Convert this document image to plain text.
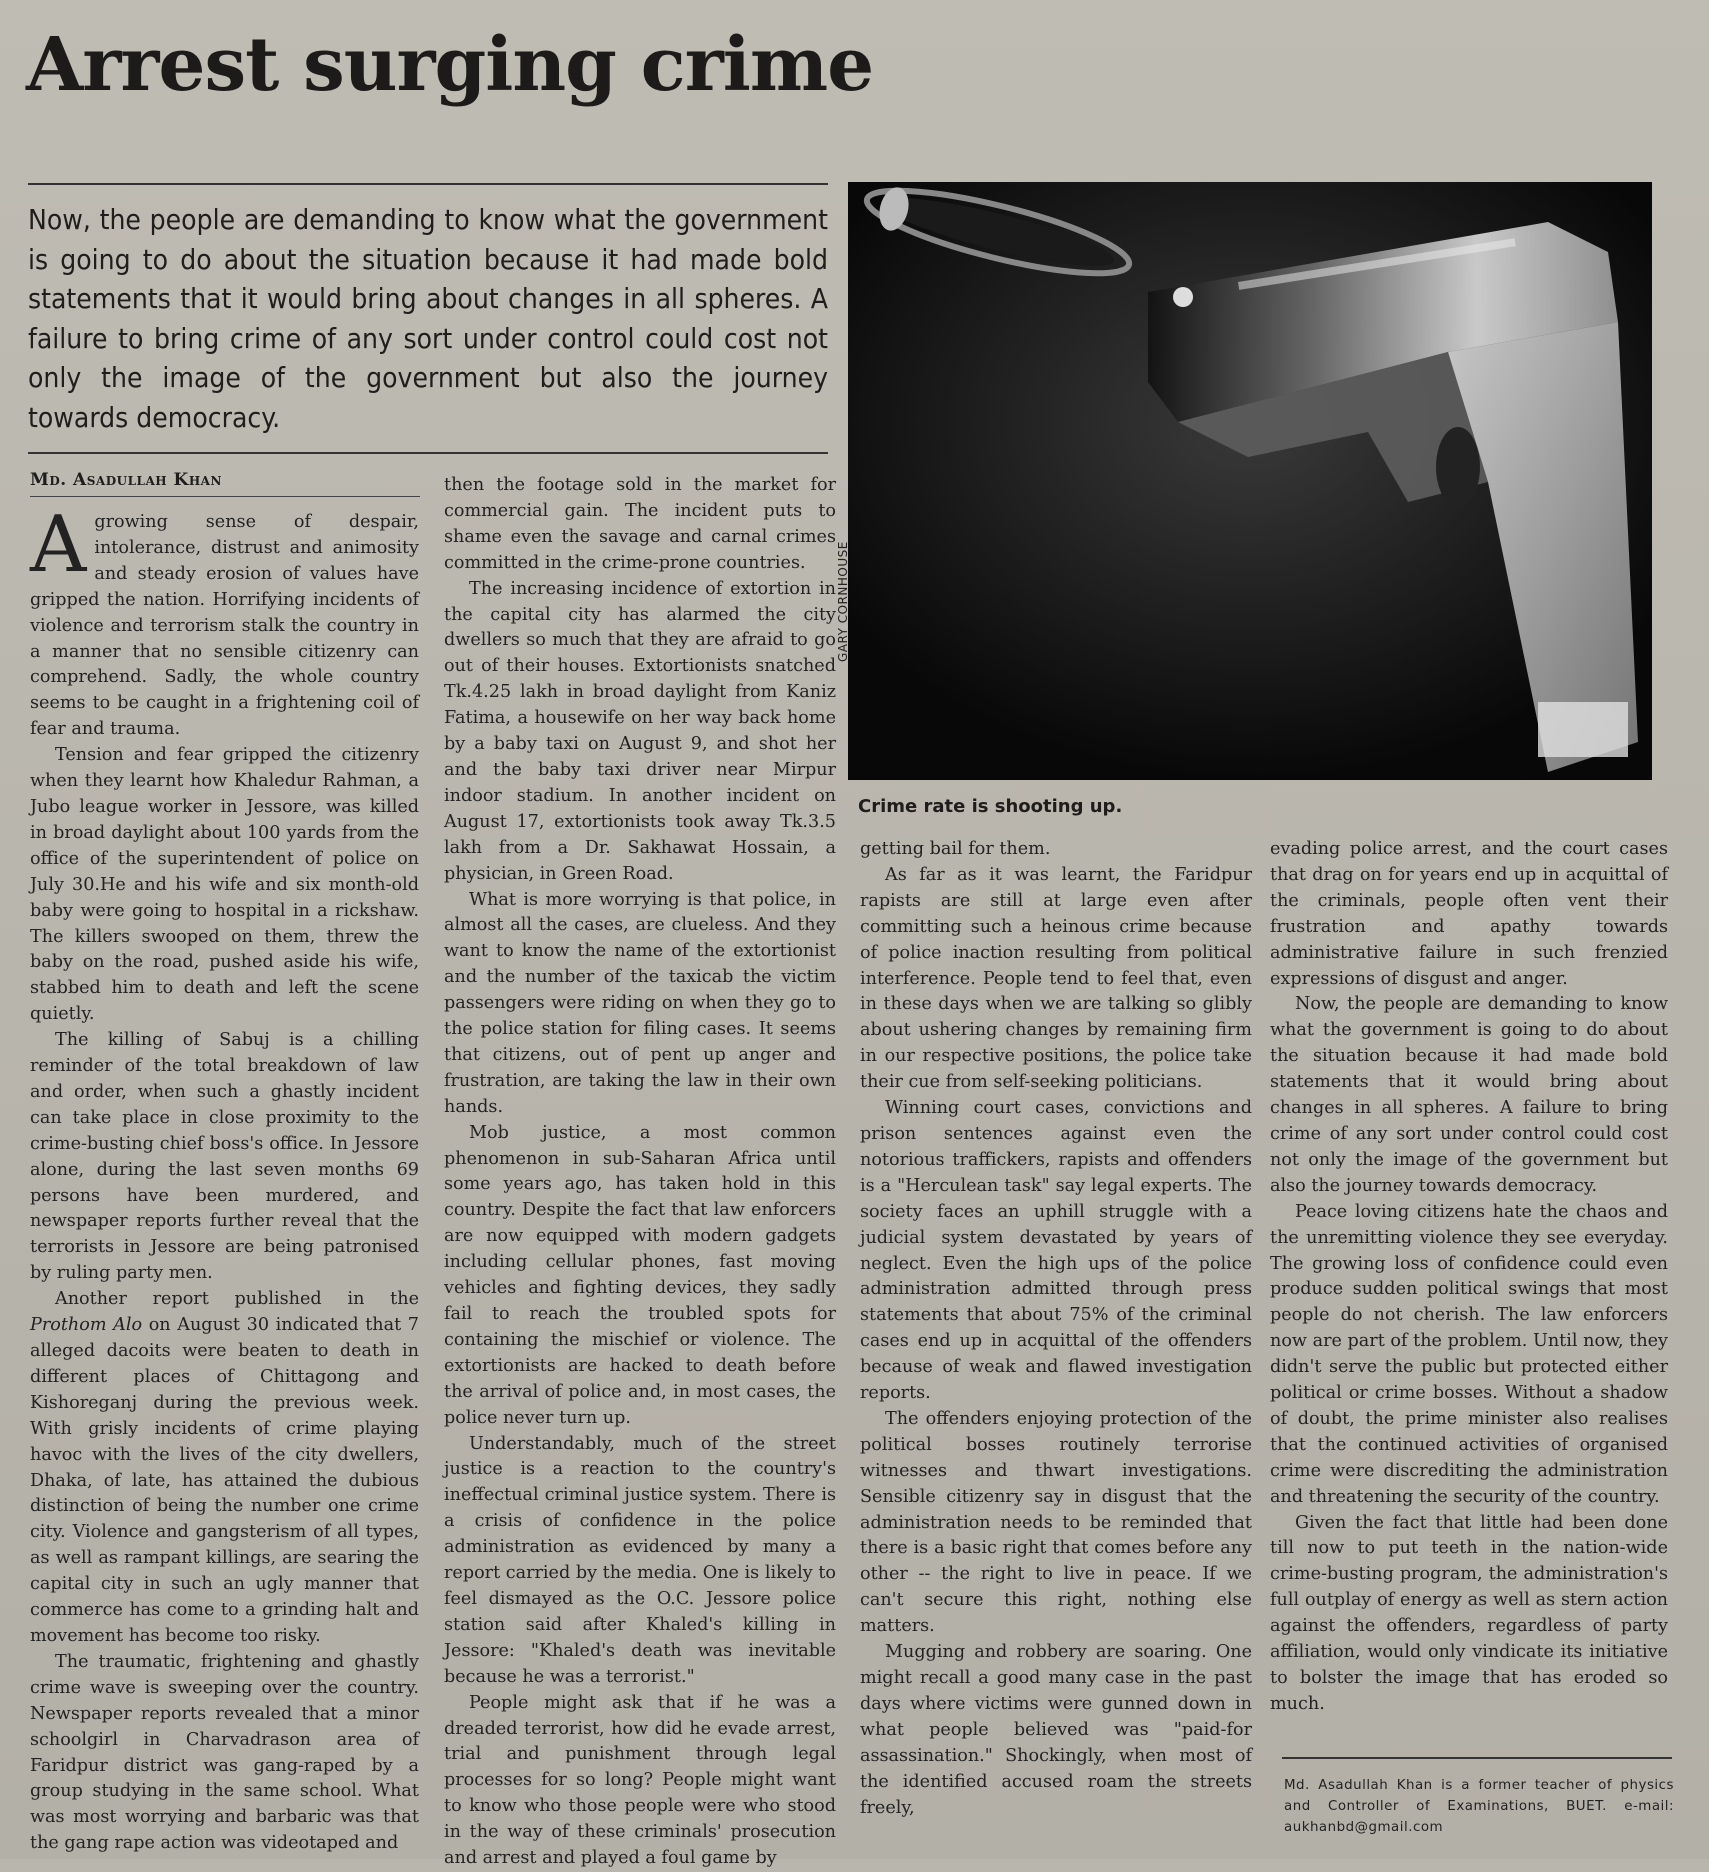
Arrest surging crime

Now, the people are demanding to know what the government is going to do about the situation because it had made bold statements that it would bring about changes in all spheres. A failure to bring crime of any sort under control could cost not only the image of the government but also the journey towards democracy.

Md. Asadullah Khan

Agrowing sense of despair, intolerance, distrust and animosity and steady erosion of values have gripped the nation. Horrifying incidents of violence and terrorism stalk the country in a manner that no sensible citizenry can comprehend. Sadly, the whole country seems to be caught in a frightening coil of fear and trauma.

Tension and fear gripped the citizenry when they learnt how Khaledur Rahman, a Jubo league worker in Jessore, was killed in broad daylight about 100 yards from the office of the superintendent of police on July 30.He and his wife and six month-old baby were going to hospital in a rickshaw. The killers swooped on them, threw the baby on the road, pushed aside his wife, stabbed him to death and left the scene quietly.

The killing of Sabuj is a chilling reminder of the total breakdown of law and order, when such a ghastly incident can take place in close proximity to the crime-busting chief boss's office. In Jessore alone, during the last seven months 69 persons have been murdered, and newspaper reports further reveal that the terrorists in Jessore are being patronised by ruling party men.

Another report published in the Prothom Alo on August 30 indicated that 7 alleged dacoits were beaten to death in different places of Chittagong and Kishoreganj during the previous week. With grisly incidents of crime playing havoc with the lives of the city dwellers, Dhaka, of late, has attained the dubious distinction of being the number one crime city. Violence and gangsterism of all types, as well as rampant killings, are searing the capital city in such an ugly manner that commerce has come to a grinding halt and movement has become too risky.

The traumatic, frightening and ghastly crime wave is sweeping over the country. Newspaper reports revealed that a minor schoolgirl in Charvadrason area of Faridpur district was gang-raped by a group studying in the same school. What was most worrying and barbaric was that the gang rape action was videotaped and

then the footage sold in the market for commercial gain. The incident puts to shame even the savage and carnal crimes committed in the crime-prone countries.

The increasing incidence of extortion in the capital city has alarmed the city dwellers so much that they are afraid to go out of their houses. Extortionists snatched Tk.4.25 lakh in broad daylight from Kaniz Fatima, a housewife on her way back home by a baby taxi on August 9, and shot her and the baby taxi driver near Mirpur indoor stadium. In another incident on August 17, extortionists took away Tk.3.5 lakh from a Dr. Sakhawat Hossain, a physician, in Green Road.

What is more worrying is that police, in almost all the cases, are clueless. And they want to know the name of the extortionist and the number of the taxicab the victim passengers were riding on when they go to the police station for filing cases. It seems that citizens, out of pent up anger and frustration, are taking the law in their own hands.

Mob justice, a most common phenomenon in sub-Saharan Africa until some years ago, has taken hold in this country. Despite the fact that law enforcers are now equipped with modern gadgets including cellular phones, fast moving vehicles and fighting devices, they sadly fail to reach the troubled spots for containing the mischief or violence. The extortionists are hacked to death before the arrival of police and, in most cases, the police never turn up.

Understandably, much of the street justice is a reaction to the country's ineffectual criminal justice system. There is a crisis of confidence in the police administration as evidenced by many a report carried by the media. One is likely to feel dismayed as the O.C. Jessore police station said after Khaled's killing in Jessore: "Khaled's death was inevitable because he was a terrorist."

People might ask that if he was a dreaded terrorist, how did he evade arrest, trial and punishment through legal processes for so long? People might want to know who those people were who stood in the way of these criminals' prosecution and arrest and played a foul game by

GARY CORNHOUSE
Crime rate is shooting up.

getting bail for them.

As far as it was learnt, the Faridpur rapists are still at large even after committing such a heinous crime because of police inaction resulting from political interference. People tend to feel that, even in these days when we are talking so glibly about ushering changes by remaining firm in our respective positions, the police take their cue from self-seeking politicians.

Winning court cases, convictions and prison sentences against even the notorious traffickers, rapists and offenders is a "Herculean task" say legal experts. The society faces an uphill struggle with a judicial system devastated by years of neglect. Even the high ups of the police administration admitted through press statements that about 75% of the criminal cases end up in acquittal of the offenders because of weak and flawed investigation reports.

The offenders enjoying protection of the political bosses routinely terrorise witnesses and thwart investigations. Sensible citizenry say in disgust that the administration needs to be reminded that there is a basic right that comes before any other -- the right to live in peace. If we can't secure this right, nothing else matters.

Mugging and robbery are soaring. One might recall a good many case in the past days where victims were gunned down in what people believed was "paid-for assassination." Shockingly, when most of the identified accused roam the streets freely,

evading police arrest, and the court cases that drag on for years end up in acquittal of the criminals, people often vent their frustration and apathy towards administrative failure in such frenzied expressions of disgust and anger.

Now, the people are demanding to know what the government is going to do about the situation because it had made bold statements that it would bring about changes in all spheres. A failure to bring crime of any sort under control could cost not only the image of the government but also the journey towards democracy.

Peace loving citizens hate the chaos and the unremitting violence they see everyday. The growing loss of confidence could even produce sudden political swings that most people do not cherish. The law enforcers now are part of the problem. Until now, they didn't serve the public but protected either political or crime bosses. Without a shadow of doubt, the prime minister also realises that the continued activities of organised crime were discrediting the administration and threatening the security of the country.

Given the fact that little had been done till now to put teeth in the nation-wide crime-busting program, the administration's full outplay of energy as well as stern action against the offenders, regardless of party affiliation, would only vindicate its initiative to bolster the image that has eroded so much.

Md. Asadullah Khan is a former teacher of physics and Controller of Examinations, BUET. e-mail: aukhanbd@gmail.com
